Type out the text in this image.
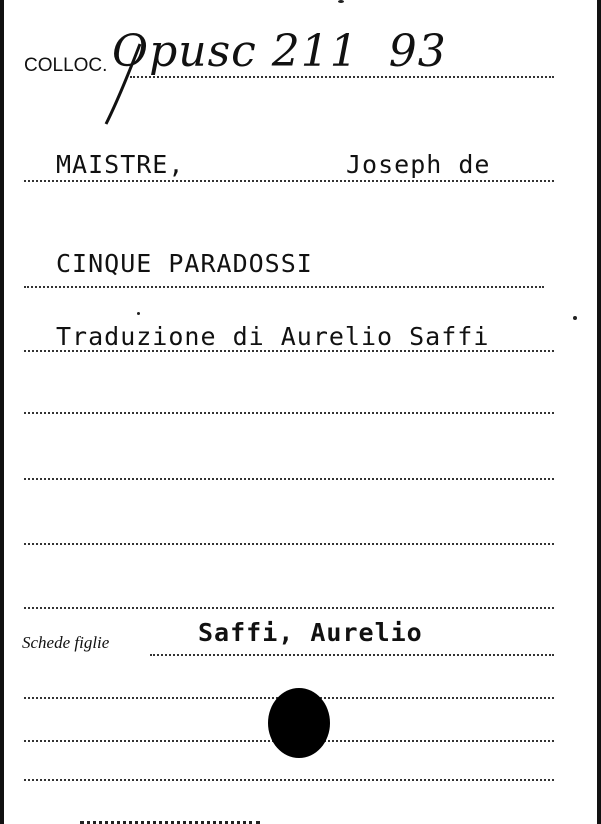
COLLOC. Opusc 211  93
MAISTRE,	Joseph de
CINQUE PARADOSSI
Traduzione di Aurelio Saffi
Schede figlie	Saffi, Aurelio
